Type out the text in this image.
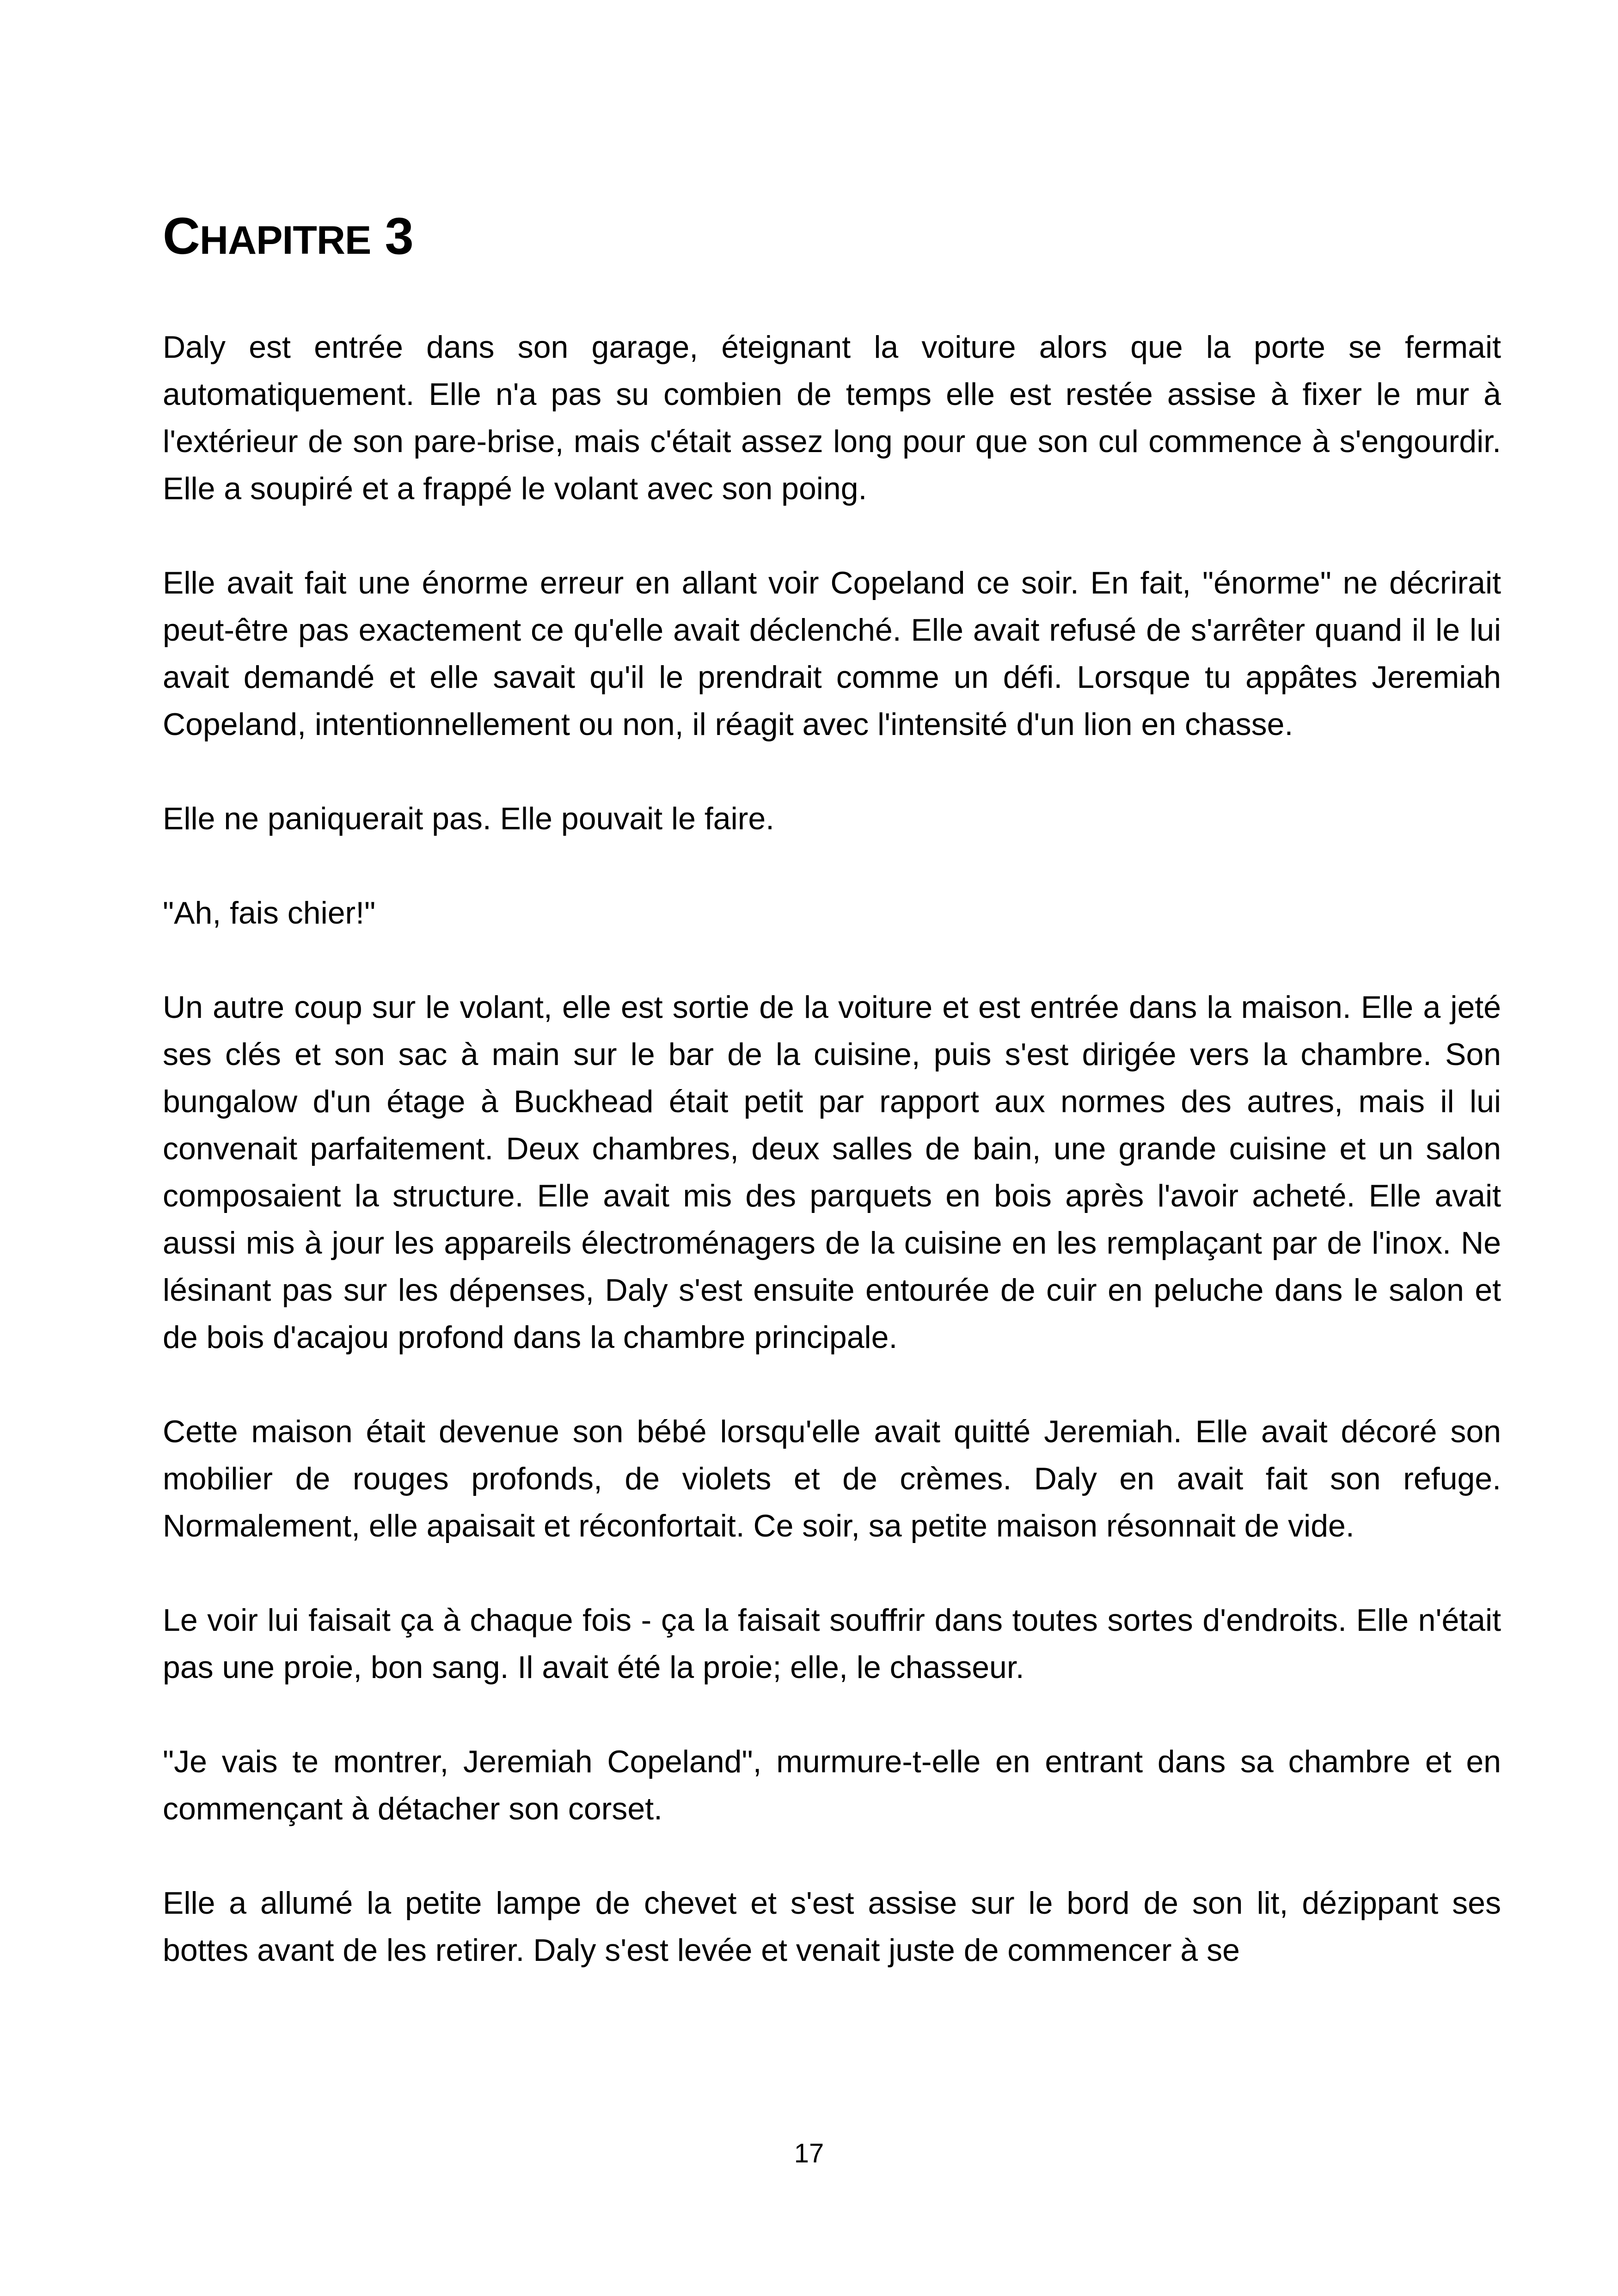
CHAPITRE 3

Daly est entrée dans son garage, éteignant la voiture alors que la porte se fermait automatiquement. Elle n'a pas su combien de temps elle est restée assise à fixer le mur à l'extérieur de son pare-brise, mais c'était assez long pour que son cul commence à s'engourdir. Elle a soupiré et a frappé le volant avec son poing.

Elle avait fait une énorme erreur en allant voir Copeland ce soir. En fait, "énorme" ne décrirait peut-être pas exactement ce qu'elle avait déclenché. Elle avait refusé de s'arrêter quand il le lui avait demandé et elle savait qu'il le prendrait comme un défi. Lorsque tu appâtes Jeremiah Copeland, intentionnellement ou non, il réagit avec l'intensité d'un lion en chasse.

Elle ne paniquerait pas. Elle pouvait le faire.

"Ah, fais chier!"

Un autre coup sur le volant, elle est sortie de la voiture et est entrée dans la maison. Elle a jeté ses clés et son sac à main sur le bar de la cuisine, puis s'est dirigée vers la chambre. Son bungalow d'un étage à Buckhead était petit par rapport aux normes des autres, mais il lui convenait parfaitement. Deux chambres, deux salles de bain, une grande cuisine et un salon composaient la structure. Elle avait mis des parquets en bois après l'avoir acheté. Elle avait aussi mis à jour les appareils électroménagers de la cuisine en les remplaçant par de l'inox. Ne lésinant pas sur les dépenses, Daly s'est ensuite entourée de cuir en peluche dans le salon et de bois d'acajou profond dans la chambre principale.

Cette maison était devenue son bébé lorsqu'elle avait quitté Jeremiah. Elle avait décoré son mobilier de rouges profonds, de violets et de crèmes. Daly en avait fait son refuge. Normalement, elle apaisait et réconfortait. Ce soir, sa petite maison résonnait de vide.

Le voir lui faisait ça à chaque fois - ça la faisait souffrir dans toutes sortes d'endroits. Elle n'était pas une proie, bon sang. Il avait été la proie; elle, le chasseur.

"Je vais te montrer, Jeremiah Copeland", murmure-t-elle en entrant dans sa chambre et en commençant à détacher son corset.

Elle a allumé la petite lampe de chevet et s'est assise sur le bord de son lit, dézippant ses bottes avant de les retirer. Daly s'est levée et venait juste de commencer à se

17
